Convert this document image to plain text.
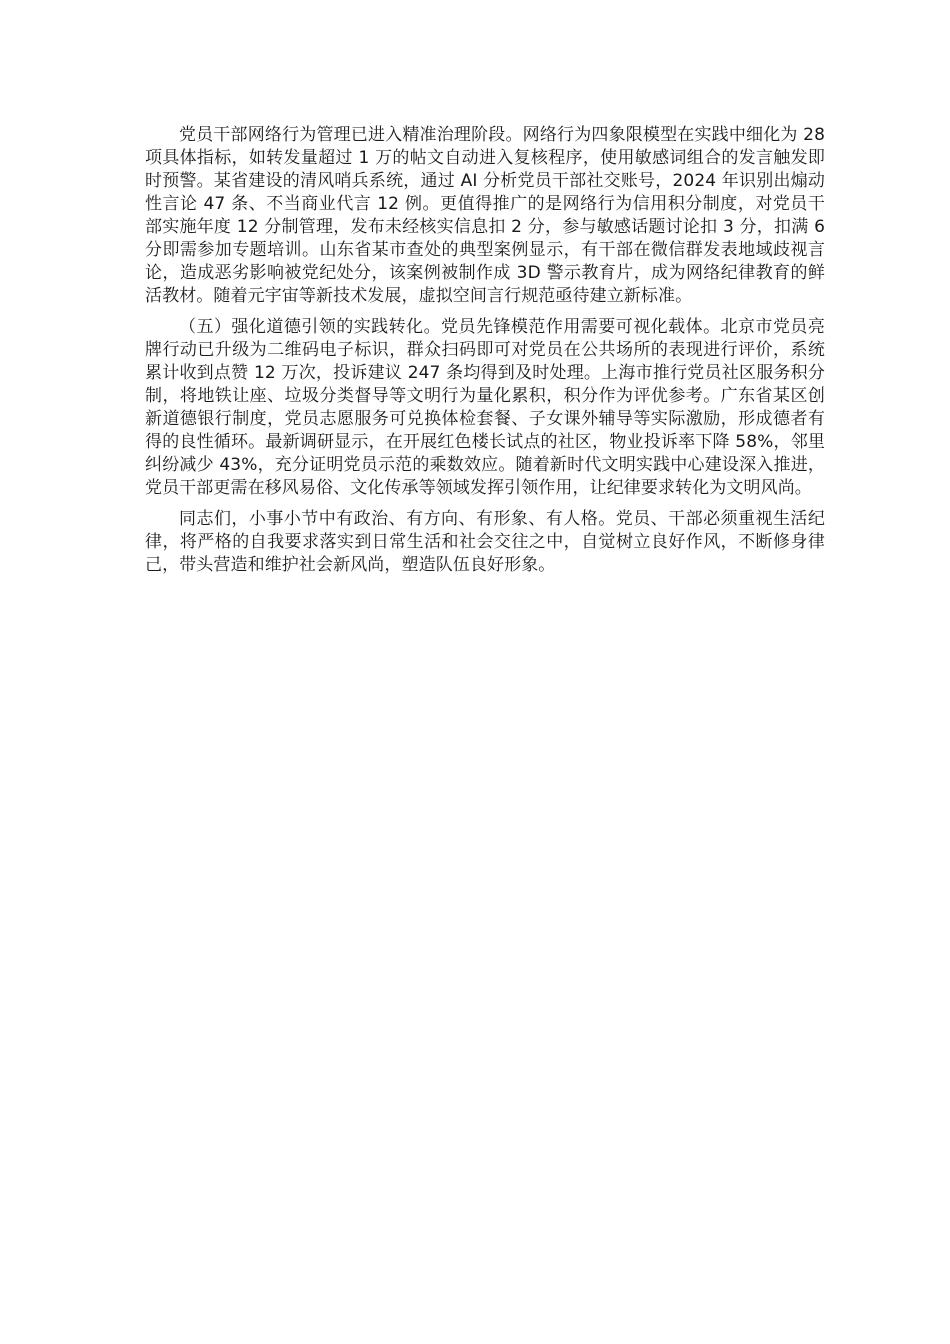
党员干部网络行为管理已进入精准治理阶段。网络行为四象限模型在实践中细化为 28 项具体指标，如转发量超过 1 万的帖文自动进入复核程序，使用敏感词组合的发言触发即时预警。某省建设的清风哨兵系统，通过 AI 分析党员干部社交账号，2024 年识别出煽动性言论 47 条、不当商业代言 12 例。更值得推广的是网络行为信用积分制度，对党员干部实施年度 12 分制管理，发布未经核实信息扣 2 分，参与敏感话题讨论扣 3 分，扣满 6 分即需参加专题培训。山东省某市查处的典型案例显示，有干部在微信群发表地域歧视言论，造成恶劣影响被党纪处分，该案例被制作成 3D 警示教育片，成为网络纪律教育的鲜活教材。随着元宇宙等新技术发展，虚拟空间言行规范亟待建立新标准。

（五）强化道德引领的实践转化。党员先锋模范作用需要可视化载体。北京市党员亮牌行动已升级为二维码电子标识，群众扫码即可对党员在公共场所的表现进行评价，系统累计收到点赞 12 万次，投诉建议 247 条均得到及时处理。上海市推行党员社区服务积分制，将地铁让座、垃圾分类督导等文明行为量化累积，积分作为评优参考。广东省某区创新道德银行制度，党员志愿服务可兑换体检套餐、子女课外辅导等实际激励，形成德者有得的良性循环。最新调研显示，在开展红色楼长试点的社区，物业投诉率下降 58%，邻里纠纷减少 43%，充分证明党员示范的乘数效应。随着新时代文明实践中心建设深入推进，党员干部更需在移风易俗、文化传承等领域发挥引领作用，让纪律要求转化为文明风尚。

同志们，小事小节中有政治、有方向、有形象、有人格。党员、干部必须重视生活纪律，将严格的自我要求落实到日常生活和社会交往之中，自觉树立良好作风，不断修身律己，带头营造和维护社会新风尚，塑造队伍良好形象。
